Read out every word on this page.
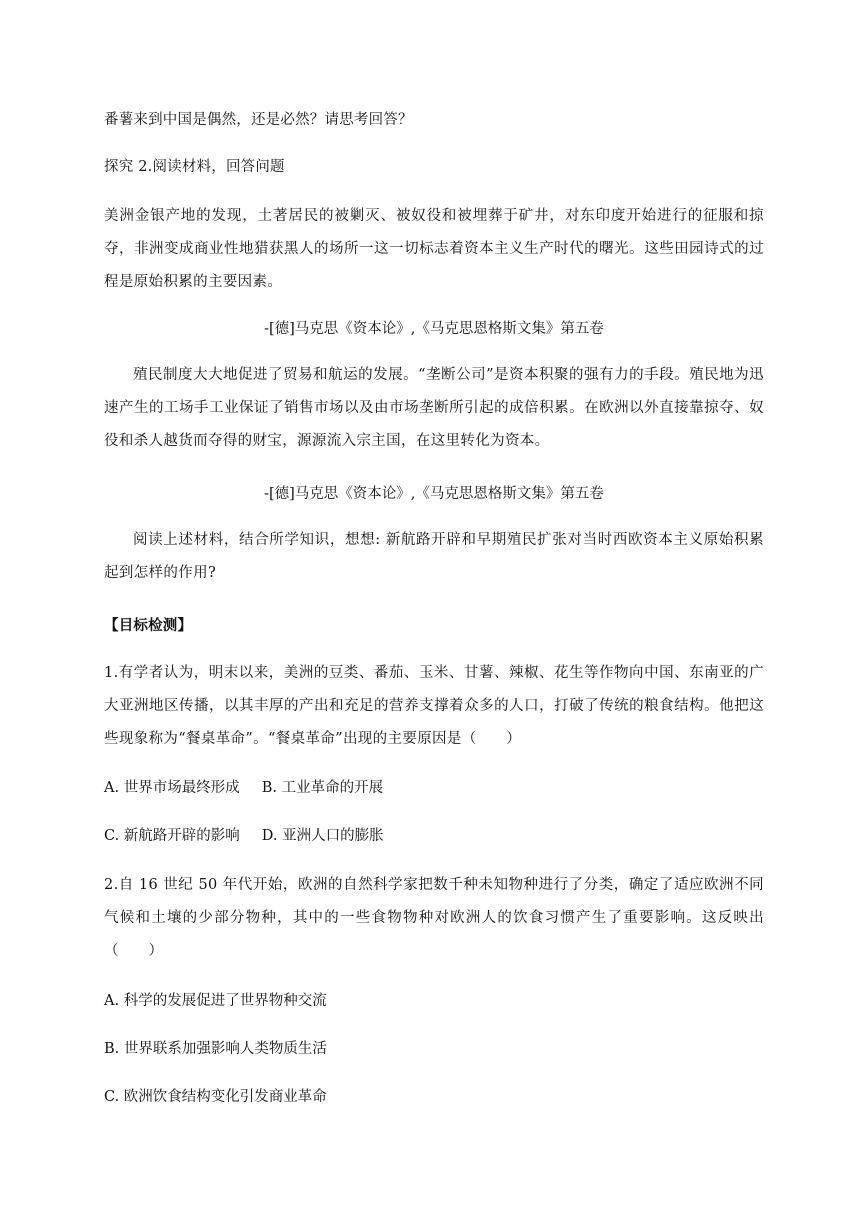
番薯来到中国是偶然，还是必然？请思考回答？
探究 2.阅读材料，回答问题
美洲金银产地的发现，土著居民的被剿灭、被奴役和被埋葬于矿井，对东印度开始进行的征服和掠夺，非洲变成商业性地猎获黑人的场所一这一切标志着资本主义生产时代的曙光。这些田园诗式的过程是原始积累的主要因素。
-[德]马克思《资本论》,《马克思恩格斯文集》第五卷
殖民制度大大地促进了贸易和航运的发展。“垄断公司”是资本积聚的强有力的手段。殖民地为迅速产生的工场手工业保证了销售市场以及由市场垄断所引起的成倍积累。在欧洲以外直接靠掠夺、奴役和杀人越货而夺得的财宝，源源流入宗主国，在这里转化为资本。
-[德]马克思《资本论》,《马克思恩格斯文集》第五卷
阅读上述材料，结合所学知识，想想: 新航路开辟和早期殖民扩张对当时西欧资本主义原始积累起到怎样的作用?
【目标检测】
1.有学者认为，明末以来，美洲的豆类、番茄、玉米、甘薯、辣椒、花生等作物向中国、东南亚的广大亚洲地区传播，以其丰厚的产出和充足的营养支撑着众多的人口，打破了传统的粮食结构。他把这些现象称为“餐桌革命”。“餐桌革命”出现的主要原因是（　　）
A. 世界市场最终形成 B. 工业革命的开展
C. 新航路开辟的影响 D. 亚洲人口的膨胀
2.自 16 世纪 50 年代开始，欧洲的自然科学家把数千种未知物种进行了分类，确定了适应欧洲不同气候和土壤的少部分物种，其中的一些食物物种对欧洲人的饮食习惯产生了重要影响。这反映出（　　）
A. 科学的发展促进了世界物种交流
B. 世界联系加强影响人类物质生活
C. 欧洲饮食结构变化引发商业革命
